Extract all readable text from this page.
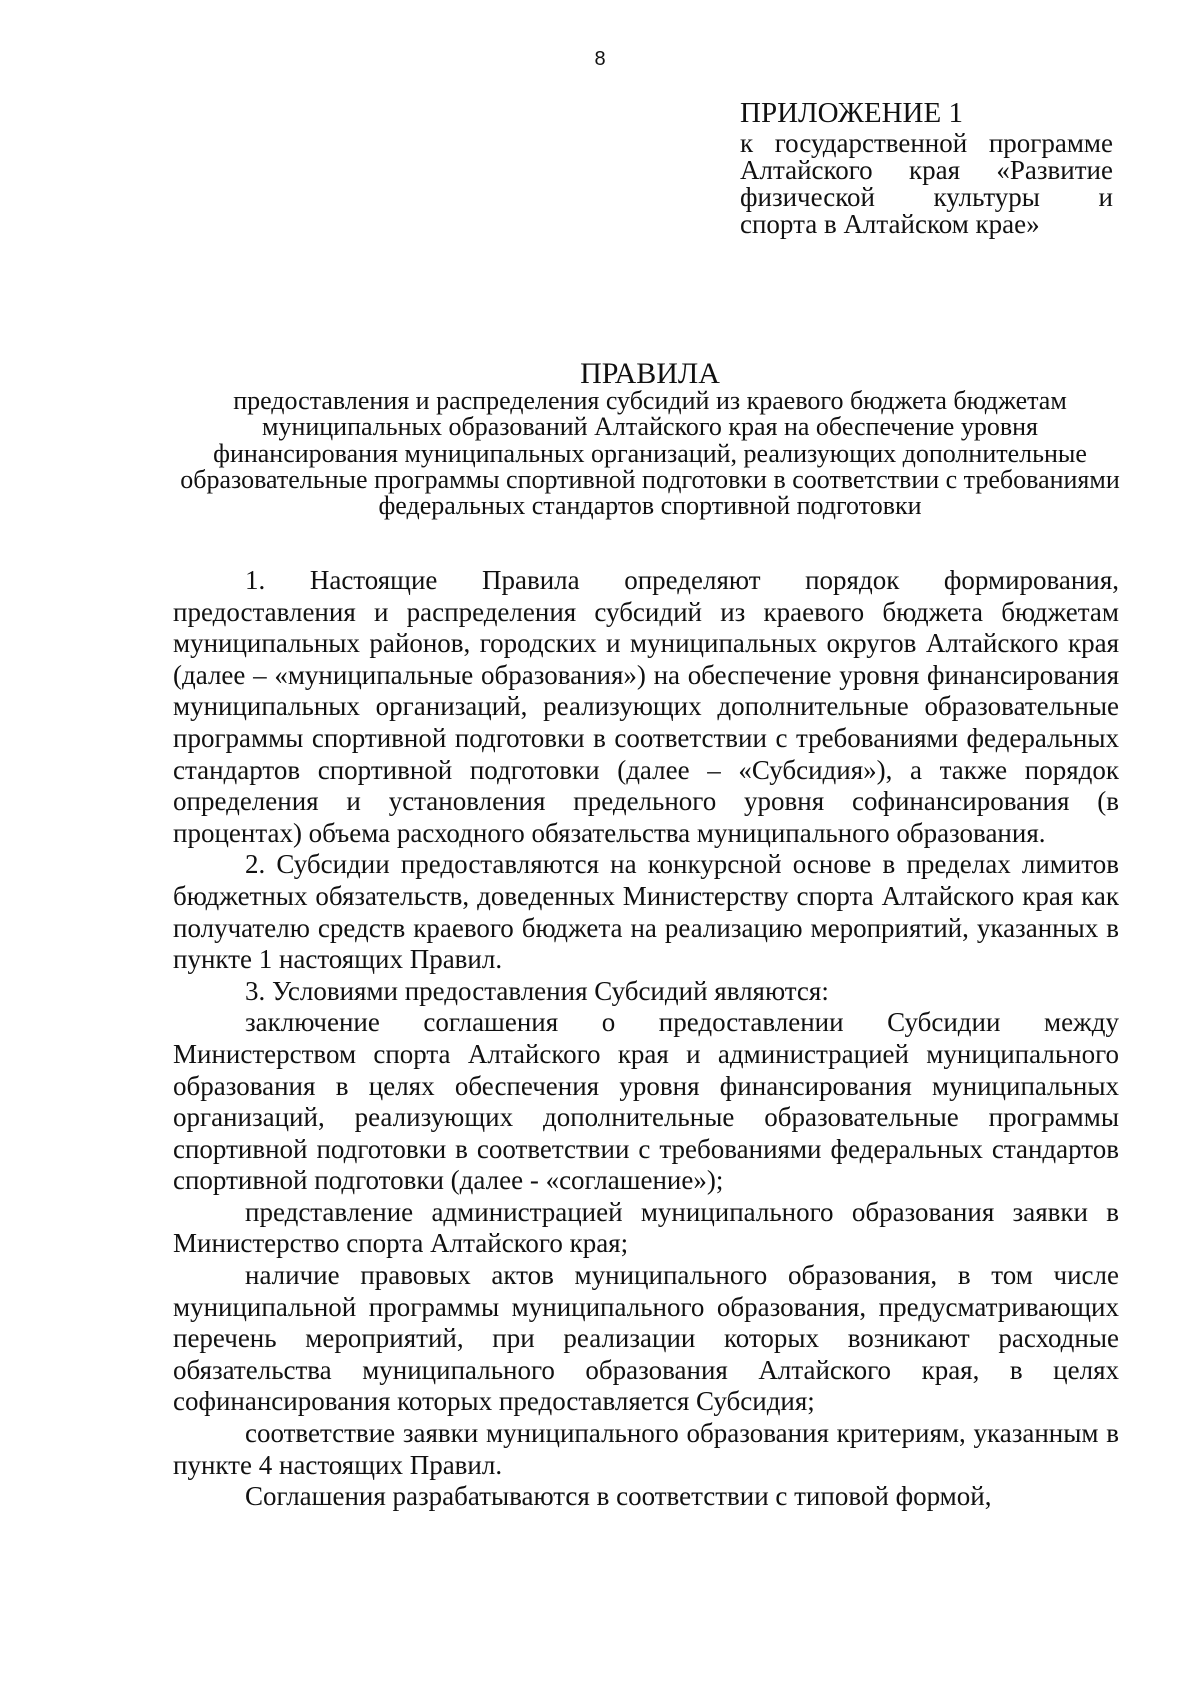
8
ПРИЛОЖЕНИЕ 1
к государственной программе
Алтайского края «Развитие
физической культуры и
спорта в Алтайском крае»
ПРАВИЛА
предоставления и распределения субсидий из краевого бюджета бюджетам муниципальных образований Алтайского края на обеспечение уровня финансирования муниципальных организаций, реализующих дополнительные образовательные программы спортивной подготовки в соответствии с требованиями федеральных стандартов спортивной подготовки

1. Настоящие Правила определяют порядок формирования, предоставления и распределения субсидий из краевого бюджета бюджетам муниципальных районов, городских и муниципальных округов Алтайского края (далее – «муниципальные образования») на обеспечение уровня финансирования муниципальных организаций, реализующих дополнительные образовательные программы спортивной подготовки в соответствии с требованиями федеральных стандартов спортивной подготовки (далее – «Субсидия»), а также порядок определения и установления предельного уровня софинансирования (в процентах) объема расходного обязательства муниципального образования.

2. Субсидии предоставляются на конкурсной основе в пределах лимитов бюджетных обязательств, доведенных Министерству спорта Алтайского края как получателю средств краевого бюджета на реализацию мероприятий, указанных в пункте 1 настоящих Правил.

3. Условиями предоставления Субсидий являются:

заключение соглашения о предоставлении Субсидии между Министерством спорта Алтайского края и администрацией муниципального образования в целях обеспечения уровня финансирования муниципальных организаций, реализующих дополнительные образовательные программы спортивной подготовки в соответствии с требованиями федеральных стандартов спортивной подготовки (далее - «соглашение»);

представление администрацией муниципального образования заявки в Министерство спорта Алтайского края;

наличие правовых актов муниципального образования, в том числе муниципальной программы муниципального образования, предусматривающих перечень мероприятий, при реализации которых возникают расходные обязательства муниципального образования Алтайского края, в целях софинансирования которых предоставляется Субсидия;

соответствие заявки муниципального образования критериям, указанным в пункте 4 настоящих Правил.

Соглашения разрабатываются в соответствии с типовой формой,
